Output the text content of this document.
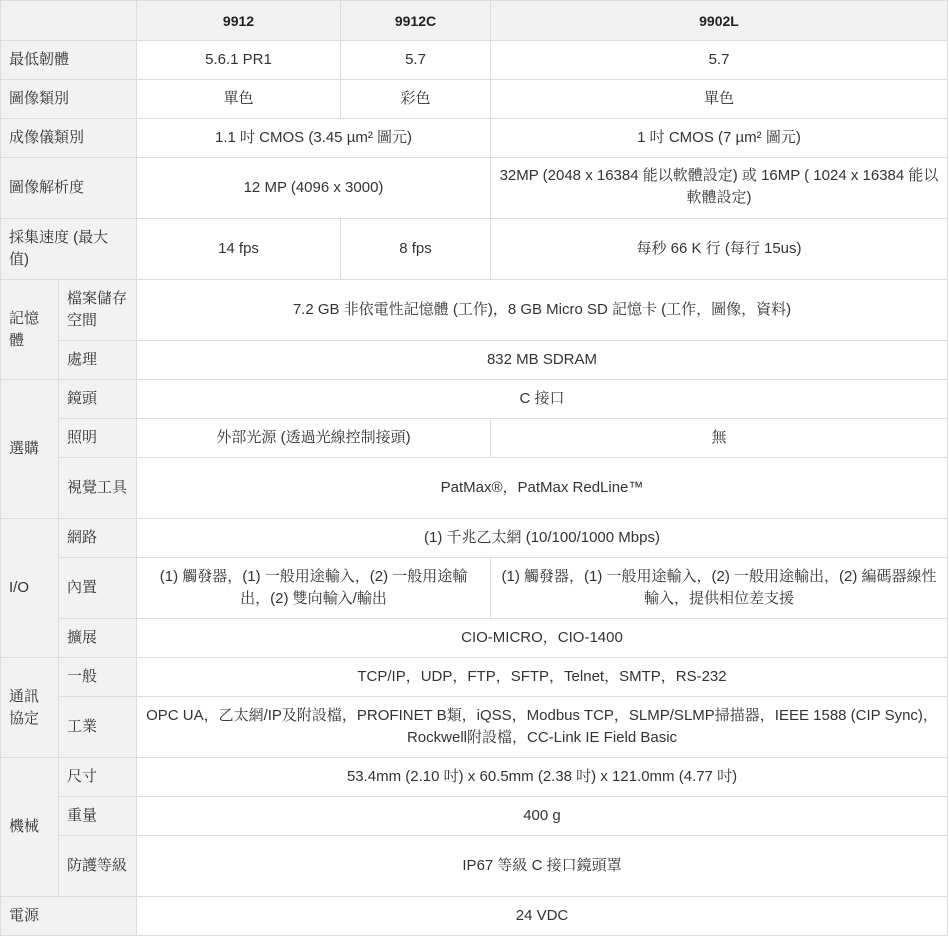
		9912	9912C	9902L
最低韌體		5.6.1 PR1	5.7	5.7
圖像類別		單色	彩色	單色
成像儀類別		1.1 吋 CMOS (3.45 µm² 圖元)		1 吋 CMOS (7 µm² 圖元)
圖像解析度		12 MP (4096 x 3000)		32MP (2048 x 16384 能以軟體設定) 或 16MP ( 1024 x 16384 能以軟體設定)
採集速度 (最大值)		14 fps	8 fps	每秒 66 K 行 (每行 15us)
記憶體	檔案儲存空間	7.2 GB 非依電性記憶體 (工作)，8 GB Micro SD 記憶卡 (工作，圖像，資料)		
	處理	832 MB SDRAM		
選購	鏡頭	C 接口		
	照明	外部光源 (透過光線控制接頭)		無
	視覺工具	PatMax®，PatMax RedLine™		
I/O	網路	(1) 千兆乙太網 (10/100/1000 Mbps)		
	內置	(1) 觸發器，(1) 一般用途輸入，(2) 一般用途輸出，(2) 雙向輸入/輸出		(1) 觸發器，(1) 一般用途輸入，(2) 一般用途輸出，(2) 編碼器線性輸入，提供相位差支援
	擴展	CIO-MICRO，CIO-1400		
通訊協定	一般	TCP/IP，UDP，FTP，SFTP，Telnet，SMTP，RS-232		
	工業	OPC UA，乙太網/IP及附設檔，PROFINET B類，iQSS，Modbus TCP，SLMP/SLMP掃描器，IEEE 1588 (CIP Sync)，Rockwell附設檔，CC-Link IE Field Basic		
機械	尺寸	53.4mm (2.10 吋) x 60.5mm (2.38 吋) x 121.0mm (4.77 吋)		
	重量	400 g		
	防護等級	IP67 等級 C 接口鏡頭罩		
電源		24 VDC		
